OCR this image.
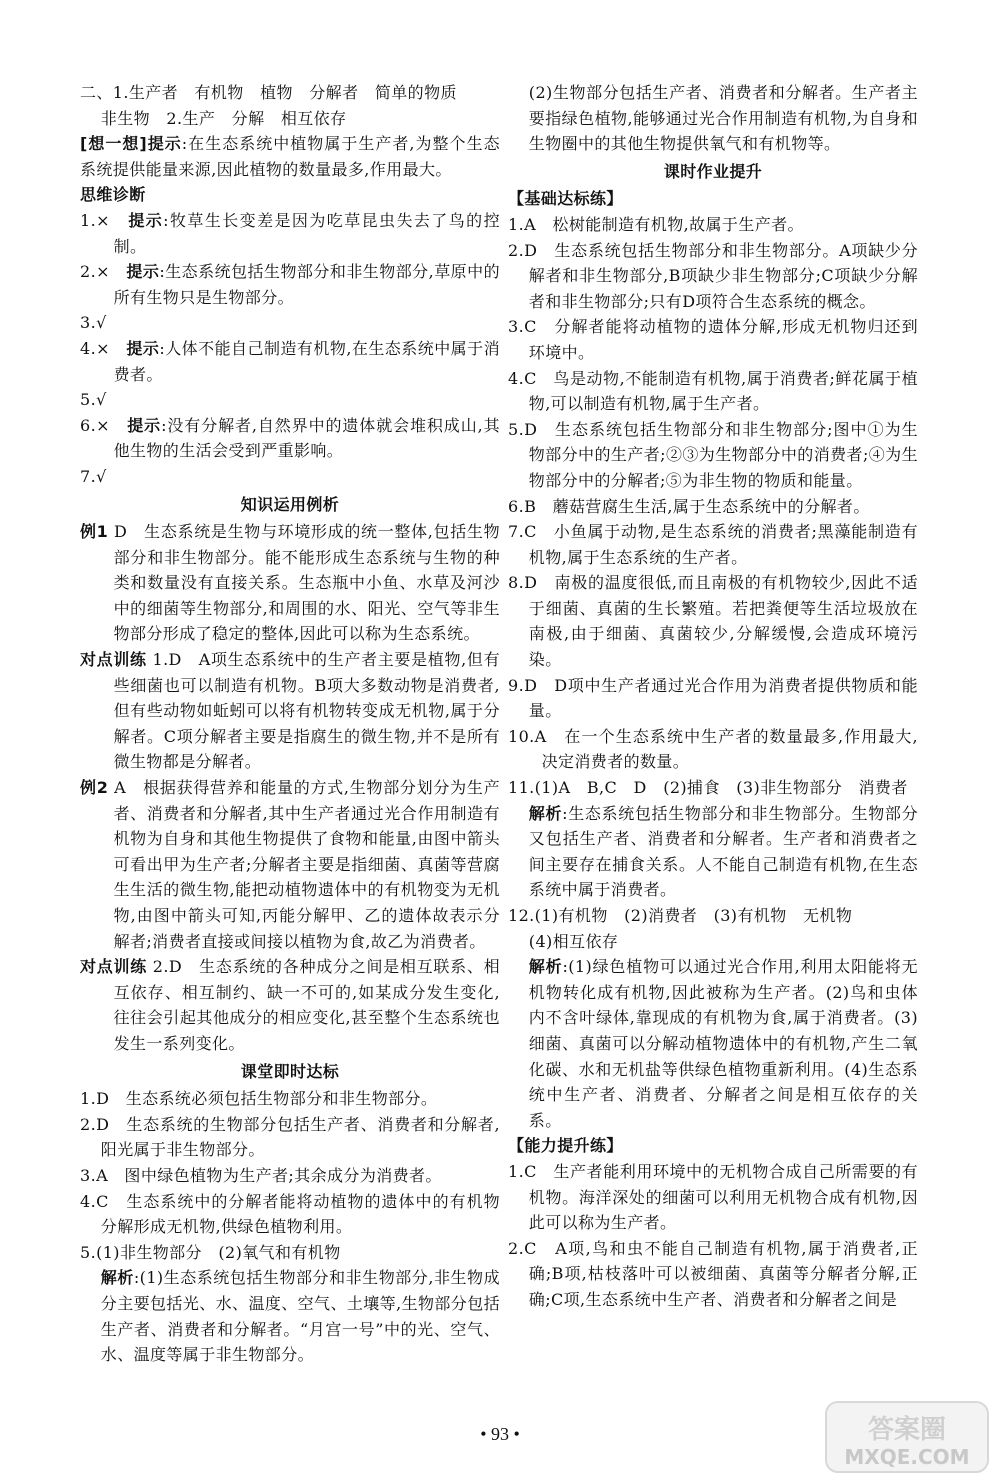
二、1.生产者　有机物　植物　分解者　简单的物质

非生物　2.生产　分解　相互依存

[想一想]提示:在生态系统中植物属于生产者,为整个生态系统提供能量来源,因此植物的数量最多,作用最大。

思维诊断

1.×　 提示:牧草生长变差是因为吃草昆虫失去了鸟的控制。

2.×　 提示:生态系统包括生物部分和非生物部分,草原中的所有生物只是生物部分。

3.√

4.×　 提示:人体不能自己制造有机物,在生态系统中属于消费者。

5.√

6.×　 提示:没有分解者,自然界中的遗体就会堆积成山,其他生物的生活会受到严重影响。

7.√

知识运用例析

例1 D　生态系统是生物与环境形成的统一整体,包括生物部分和非生物部分。能不能形成生态系统与生物的种类和数量没有直接关系。生态瓶中小鱼、水草及河沙中的细菌等生物部分,和周围的水、阳光、空气等非生物部分形成了稳定的整体,因此可以称为生态系统。

对点训练 1.D　A项生态系统中的生产者主要是植物,但有些细菌也可以制造有机物。B项大多数动物是消费者,但有些动物如蚯蚓可以将有机物转变成无机物,属于分解者。C项分解者主要是指腐生的微生物,并不是所有微生物都是分解者。

例2 A　根据获得营养和能量的方式,生物部分划分为生产者、消费者和分解者,其中生产者通过光合作用制造有机物为自身和其他生物提供了食物和能量,由图中箭头可看出甲为生产者;分解者主要是指细菌、真菌等营腐生生活的微生物,能把动植物遗体中的有机物变为无机物,由图中箭头可知,丙能分解甲、乙的遗体故表示分解者;消费者直接或间接以植物为食,故乙为消费者。

对点训练 2.D　生态系统的各种成分之间是相互联系、相互依存、相互制约、缺一不可的,如某成分发生变化,往往会引起其他成分的相应变化,甚至整个生态系统也发生一系列变化。

课堂即时达标

1.D　生态系统必须包括生物部分和非生物部分。

2.D　生态系统的生物部分包括生产者、消费者和分解者,阳光属于非生物部分。

3.A　图中绿色植物为生产者;其余成分为消费者。

4.C　生态系统中的分解者能将动植物的遗体中的有机物分解形成无机物,供绿色植物利用。

5.(1)非生物部分　(2)氧气和有机物

解析:(1)生态系统包括生物部分和非生物部分,非生物成分主要包括光、水、温度、空气、土壤等,生物部分包括生产者、消费者和分解者。“月宫一号”中的光、空气、水、温度等属于非生物部分。

(2)生物部分包括生产者、消费者和分解者。生产者主要指绿色植物,能够通过光合作用制造有机物,为自身和生物圈中的其他生物提供氧气和有机物等。

课时作业提升

【基础达标练】

1.A　松树能制造有机物,故属于生产者。

2.D　生态系统包括生物部分和非生物部分。A项缺少分解者和非生物部分,B项缺少非生物部分;C项缺少分解者和非生物部分;只有D项符合生态系统的概念。

3.C　分解者能将动植物的遗体分解,形成无机物归还到环境中。

4.C　鸟是动物,不能制造有机物,属于消费者;鲜花属于植物,可以制造有机物,属于生产者。

5.D　生态系统包括生物部分和非生物部分;图中①为生物部分中的生产者;②③为生物部分中的消费者;④为生物部分中的分解者;⑤为非生物的物质和能量。

6.B　蘑菇营腐生生活,属于生态系统中的分解者。

7.C　小鱼属于动物,是生态系统的消费者;黑藻能制造有机物,属于生态系统的生产者。

8.D　南极的温度很低,而且南极的有机物较少,因此不适于细菌、真菌的生长繁殖。若把粪便等生活垃圾放在南极,由于细菌、真菌较少,分解缓慢,会造成环境污染。

9.D　D项中生产者通过光合作用为消费者提供物质和能量。

10.A　在一个生态系统中生产者的数量最多,作用最大,决定消费者的数量。

11.(1)A　B,C　D　(2)捕食　(3)非生物部分　消费者

解析:生态系统包括生物部分和非生物部分。生物部分又包括生产者、消费者和分解者。生产者和消费者之间主要存在捕食关系。人不能自己制造有机物,在生态系统中属于消费者。

12.(1)有机物　(2)消费者　(3)有机物　无机物

(4)相互依存

解析:(1)绿色植物可以通过光合作用,利用太阳能将无机物转化成有机物,因此被称为生产者。(2)鸟和虫体内不含叶绿体,靠现成的有机物为食,属于消费者。(3)细菌、真菌可以分解动植物遗体中的有机物,产生二氧化碳、水和无机盐等供绿色植物重新利用。(4)生态系统中生产者、消费者、分解者之间是相互依存的关系。

【能力提升练】

1.C　生产者能利用环境中的无机物合成自己所需要的有机物。海洋深处的细菌可以利用无机物合成有机物,因此可以称为生产者。

2.C　A项,鸟和虫不能自己制造有机物,属于消费者,正确;B项,枯枝落叶可以被细菌、真菌等分解者分解,正确;C项,生态系统中生产者、消费者和分解者之间是

• 93 •	答案圈
MXQE.COM
